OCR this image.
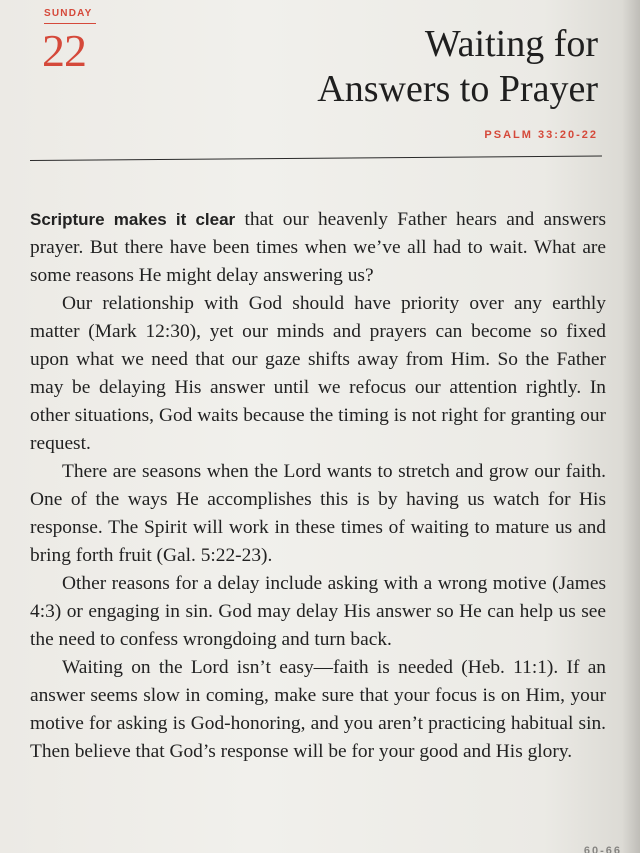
SUNDAY
22	Waiting for
Answers to Prayer
PSALM 33:20-22

Scripture makes it clear that our heavenly Father hears and answers prayer. But there have been times when we’ve all had to wait. What are some reasons He might delay answering us?

Our relationship with God should have priority over any earthly matter (Mark 12:30), yet our minds and prayers can become so fixed upon what we need that our gaze shifts away from Him. So the Father may be delaying His answer until we refocus our attention rightly. In other situations, God waits because the timing is not right for granting our request.

There are seasons when the Lord wants to stretch and grow our faith. One of the ways He accomplishes this is by having us watch for His response. The Spirit will work in these times of waiting to mature us and bring forth fruit (Gal. 5:22-23).

Other reasons for a delay include asking with a wrong motive (James 4:3) or engaging in sin. God may delay His answer so He can help us see the need to confess wrongdoing and turn back.

Waiting on the Lord isn’t easy—faith is needed (Heb. 11:1). If an answer seems slow in coming, make sure that your focus is on Him, your motive for asking is God-honoring, and you aren’t practicing habitual sin. Then believe that God’s response will be for your good and His glory.

60-66
